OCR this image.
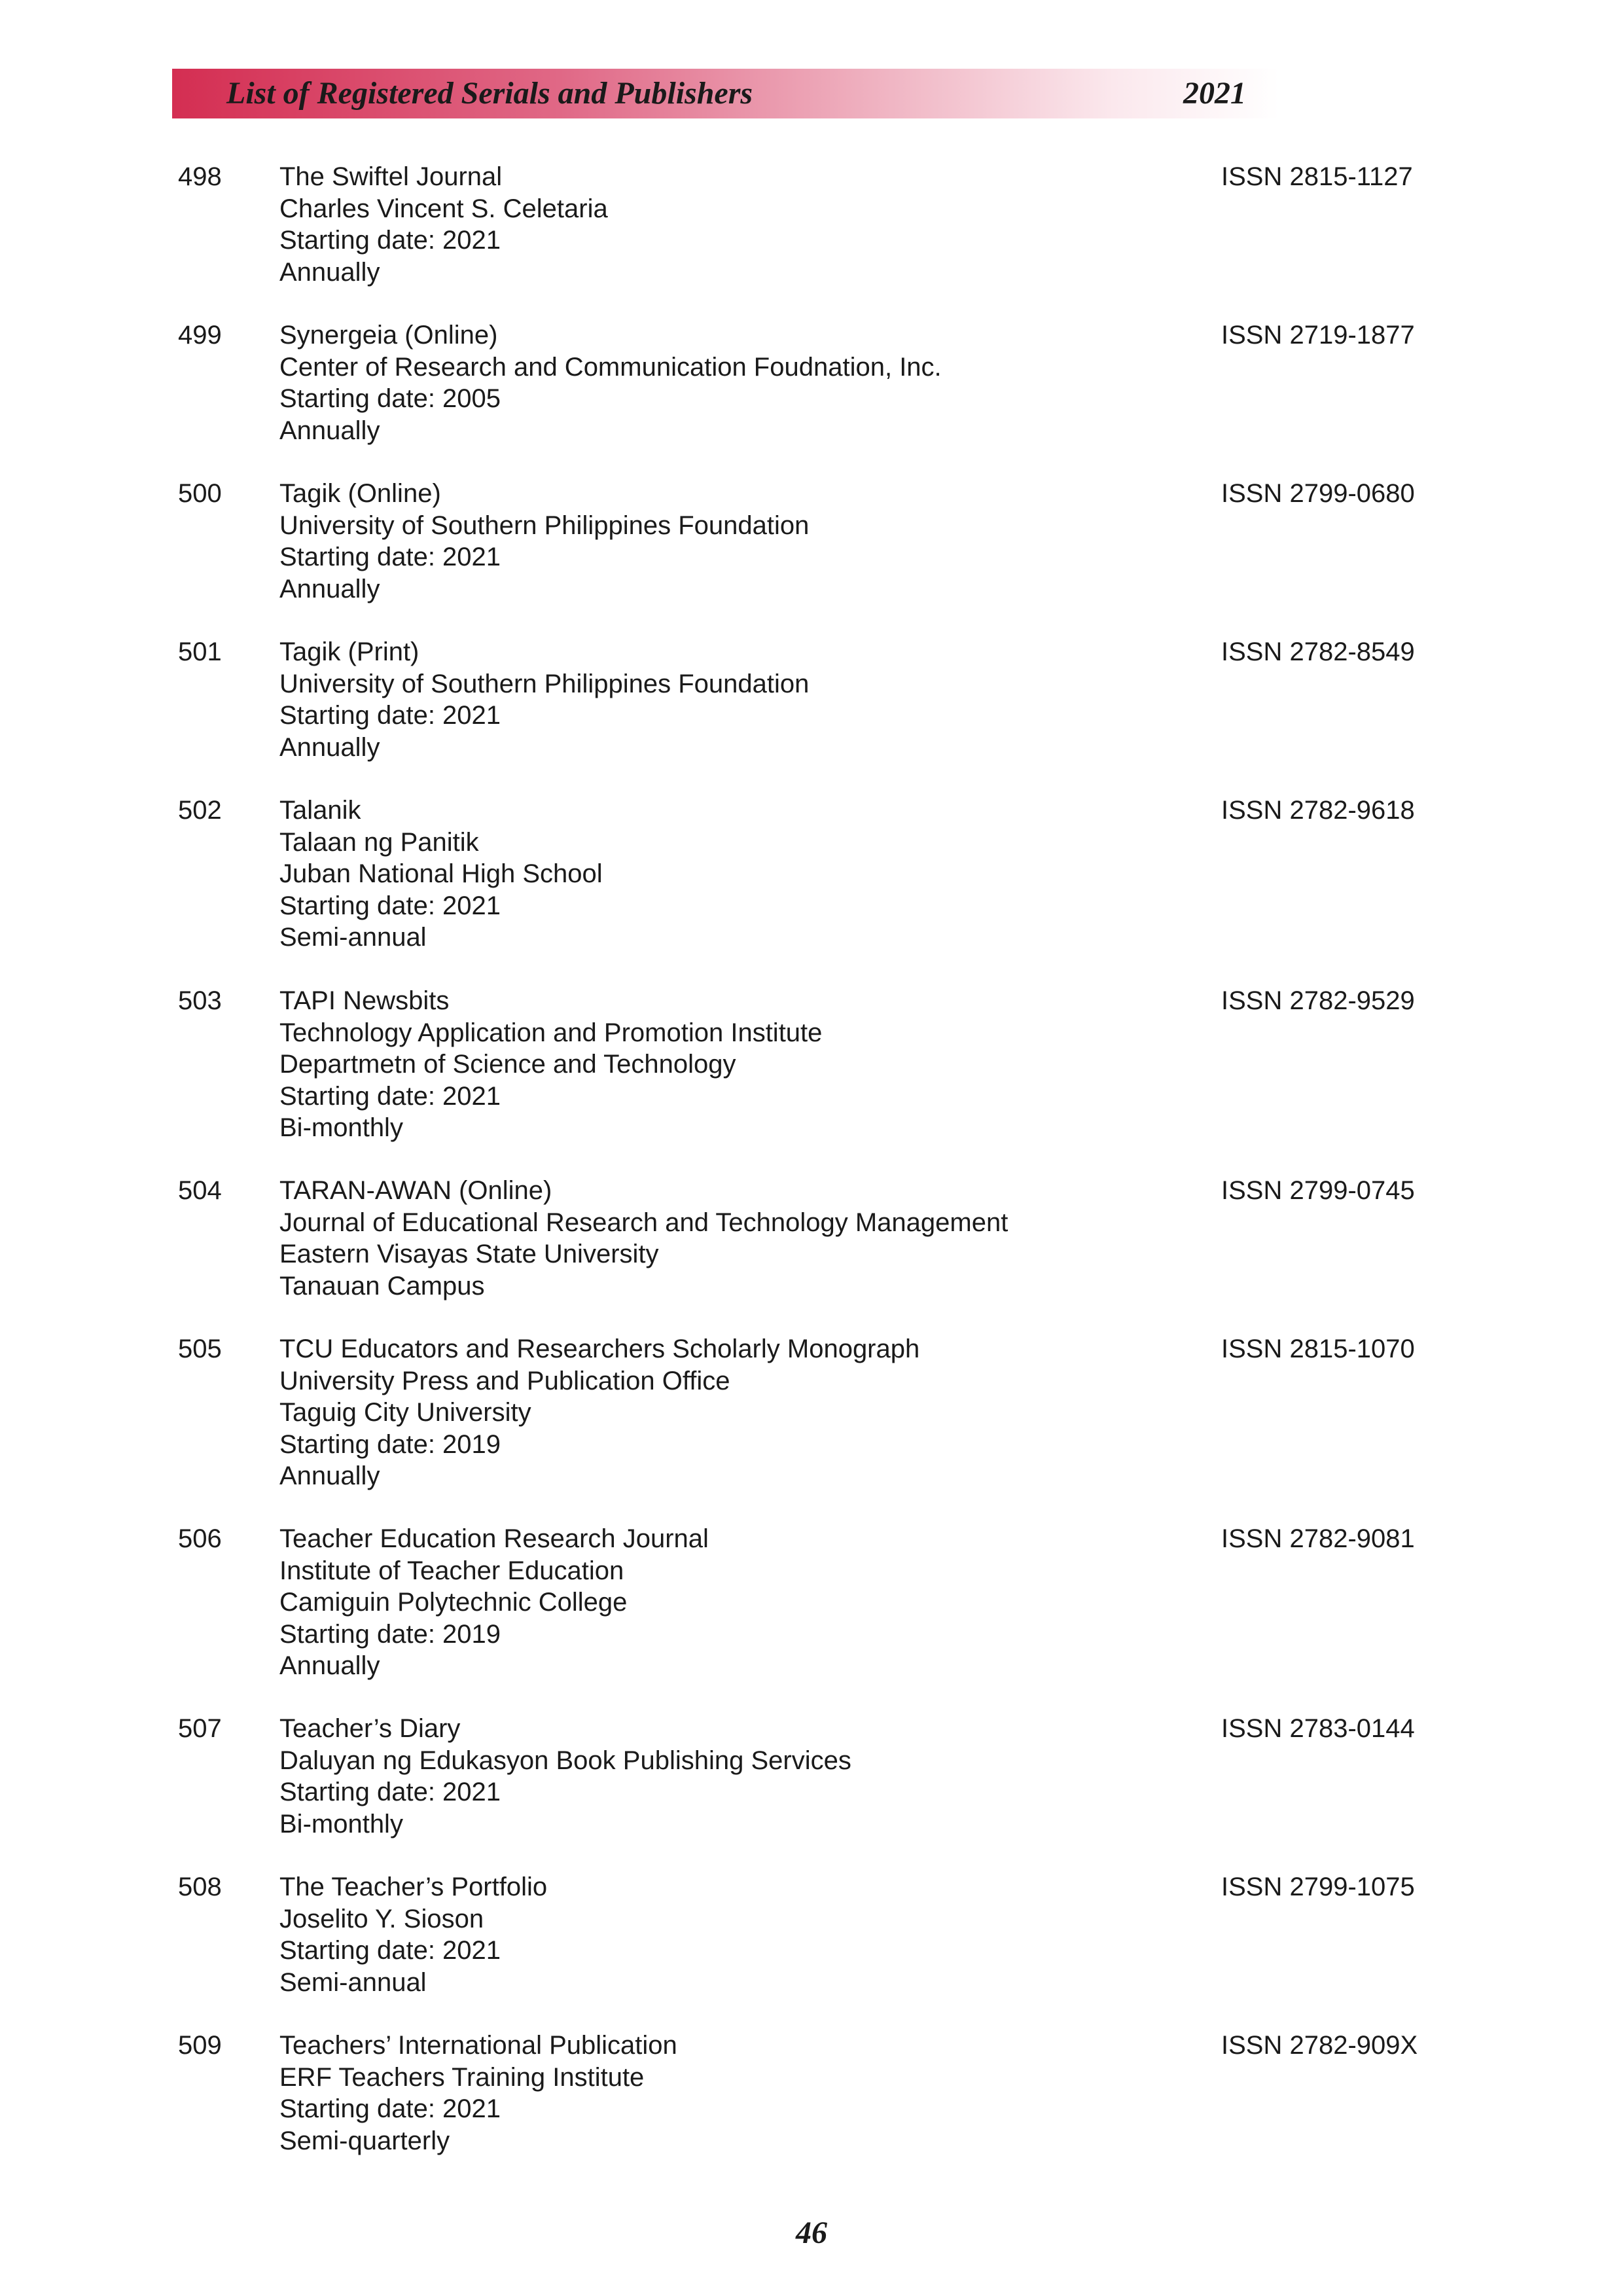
List of Registered Serials and Publishers	2021
498 The Swiftel Journal
Charles Vincent S. Celetaria
Starting date: 2021
Annually
ISSN 2815-1127
499 Synergeia (Online)
Center of Research and Communication Foudnation, Inc.
Starting date: 2005
Annually
ISSN 2719-1877
500 Tagik (Online)
University of Southern Philippines Foundation
Starting date: 2021
Annually
ISSN 2799-0680
501 Tagik (Print)
University of Southern Philippines Foundation
Starting date: 2021
Annually
ISSN 2782-8549
502 Talanik
Talaan ng Panitik
Juban National High School
Starting date: 2021
Semi-annual
ISSN 2782-9618
503 TAPI Newsbits
Technology Application and Promotion Institute
Departmetn of Science and Technology
Starting date: 2021
Bi-monthly
ISSN 2782-9529
504 TARAN-AWAN (Online)
Journal of Educational Research and Technology Management
Eastern Visayas State University
Tanauan Campus
ISSN 2799-0745
505 TCU Educators and Researchers Scholarly Monograph
University Press and Publication Office
Taguig City University
Starting date: 2019
Annually
ISSN 2815-1070
506 Teacher Education Research Journal
Institute of Teacher Education
Camiguin Polytechnic College
Starting date: 2019
Annually
ISSN 2782-9081
507 Teacher’s Diary
Daluyan ng Edukasyon Book Publishing Services
Starting date: 2021
Bi-monthly
ISSN 2783-0144
508 The Teacher’s Portfolio
Joselito Y. Sioson
Starting date: 2021
Semi-annual
ISSN 2799-1075
509 Teachers’ International Publication
ERF Teachers Training Institute
Starting date: 2021
Semi-quarterly
ISSN 2782-909X
46
